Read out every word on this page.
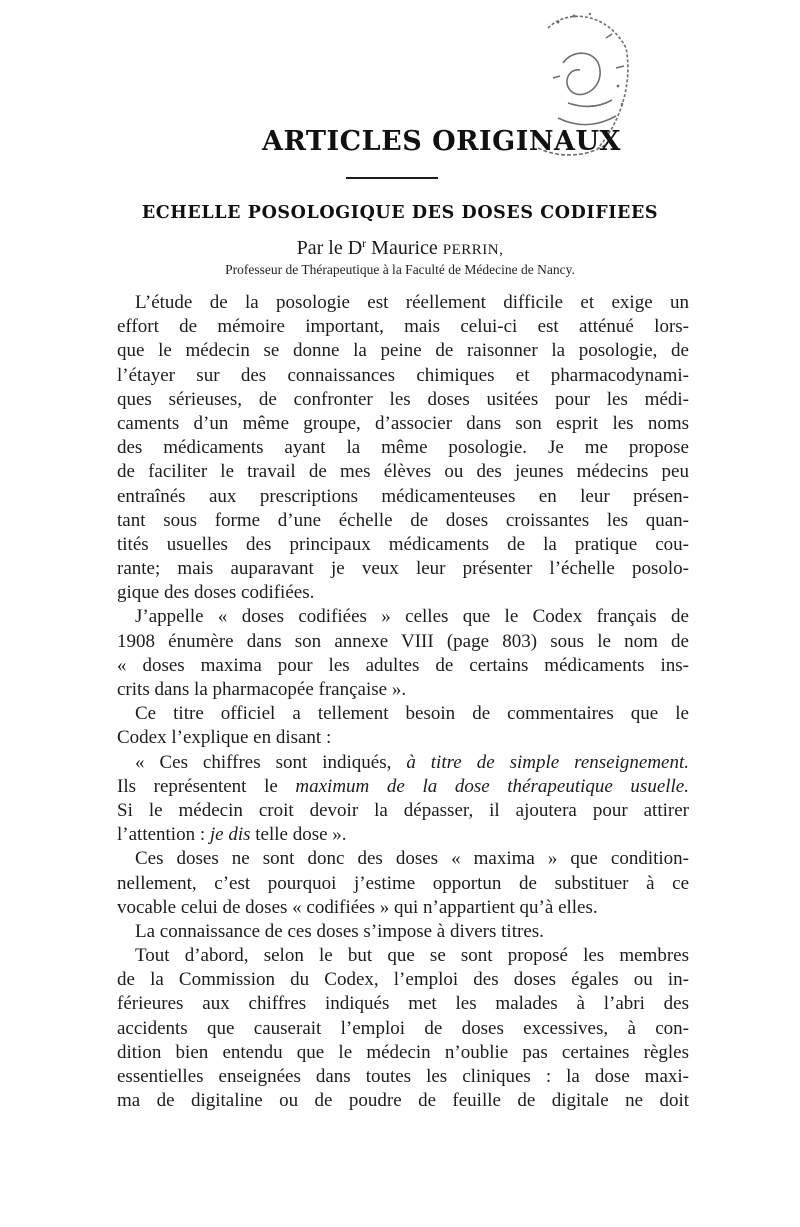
ARTICLES ORIGINAUX
ECHELLE POSOLOGIQUE DES DOSES CODIFIEES
Par le $D^r$ Maurice PERRIN,
Professeur de Thérapeutique à la Faculté de Médecine de Nancy.
L’étude de la posologie est réellement difficile et exige un
effort de mémoire important, mais celui-ci est atténué lors-
que le médecin se donne la peine de raisonner la posologie, de
l’étayer sur des connaissances chimiques et pharmacodynami-
ques sérieuses, de confronter les doses usitées pour les médi-
caments d’un même groupe, d’associer dans son esprit les noms
des médicaments ayant la même posologie. Je me propose
de faciliter le travail de mes élèves ou des jeunes médecins peu
entraînés aux prescriptions médicamenteuses en leur présen-
tant sous forme d’une échelle de doses croissantes les quan-
tités usuelles des principaux médicaments de la pratique cou-
rante; mais auparavant je veux leur présenter l’échelle posolo-
gique des doses codifiées.
J’appelle « doses codifiées » celles que le Codex français de
1908 énumère dans son annexe VIII (page 803) sous le nom de
« doses maxima pour les adultes de certains médicaments ins-
crits dans la pharmacopée française ».
Ce titre officiel a tellement besoin de commentaires que le
Codex l’explique en disant :
« Ces chiffres sont indiqués, à titre de simple renseignement.
Ils représentent le maximum de la dose thérapeutique usuelle.
Si le médecin croit devoir la dépasser, il ajoutera pour attirer
l’attention : je dis telle dose ».
Ces doses ne sont donc des doses « maxima » que condition-
nellement, c’est pourquoi j’estime opportun de substituer à ce
vocable celui de doses « codifiées » qui n’appartient qu’à elles.
La connaissance de ces doses s’impose à divers titres.
Tout d’abord, selon le but que se sont proposé les membres
de la Commission du Codex, l’emploi des doses égales ou in-
férieures aux chiffres indiqués met les malades à l’abri des
accidents que causerait l’emploi de doses excessives, à con-
dition bien entendu que le médecin n’oublie pas certaines règles
essentielles enseignées dans toutes les cliniques : la dose maxi-
ma de digitaline ou de poudre de feuille de digitale ne doit
